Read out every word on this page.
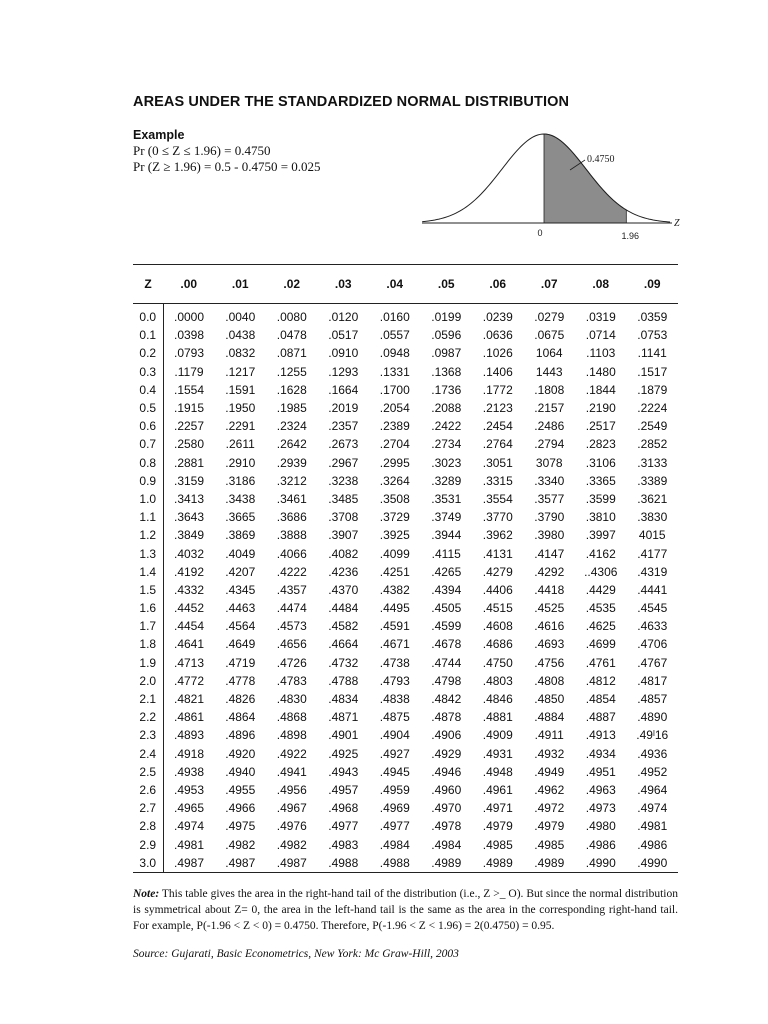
AREAS UNDER THE STANDARDIZED NORMAL DISTRIBUTION
Example
Pr (0 ≤ Z ≤ 1.96) = 0.4750
Pr (Z ≥ 1.96) = 0.5 - 0.4750 = 0.025	0.4750
Z
0	1.96
Z	.00	.01	.02	.03	.04	.05	.06	.07	.08	.09
0.0	.0000	.0040	.0080	.0120	.0160	.0199	.0239	.0279	.0319	.0359
0.1	.0398	.0438	.0478	.0517	.0557	.0596	.0636	.0675	.0714	.0753
0.2	.0793	.0832	.0871	.0910	.0948	.0987	.1026	1064	.1103	.1141
0.3	.1179	.1217	.1255	.1293	.1331	.1368	.1406	1443	.1480	.1517
0.4	.1554	.1591	.1628	.1664	.1700	.1736	.1772	.1808	.1844	.1879
0.5	.1915	.1950	.1985	.2019	.2054	.2088	.2123	.2157	.2190	.2224
0.6	.2257	.2291	.2324	.2357	.2389	.2422	.2454	.2486	.2517	.2549
0.7	.2580	.2611	.2642	.2673	.2704	.2734	.2764	.2794	.2823	.2852
0.8	.2881	.2910	.2939	.2967	.2995	.3023	.3051	3078	.3106	.3133
0.9	.3159	.3186	.3212	.3238	.3264	.3289	.3315	.3340	.3365	.3389
1.0	.3413	.3438	.3461	.3485	.3508	.3531	.3554	.3577	.3599	.3621
1.1	.3643	.3665	.3686	.3708	.3729	.3749	.3770	.3790	.3810	.3830
1.2	.3849	.3869	.3888	.3907	.3925	.3944	.3962	.3980	.3997	4015
1.3	.4032	.4049	.4066	.4082	.4099	.4115	.4131	.4147	.4162	.4177
1.4	.4192	.4207	.4222	.4236	.4251	.4265	.4279	.4292	..4306	.4319
1.5	.4332	.4345	.4357	.4370	.4382	.4394	.4406	.4418	.4429	.4441
1.6	.4452	.4463	.4474	.4484	.4495	.4505	.4515	.4525	.4535	.4545
1.7	.4454	.4564	.4573	.4582	.4591	.4599	.4608	.4616	.4625	.4633
1.8	.4641	.4649	.4656	.4664	.4671	.4678	.4686	.4693	.4699	.4706
1.9	.4713	.4719	.4726	.4732	.4738	.4744	.4750	.4756	.4761	.4767
2.0	.4772	.4778	.4783	.4788	.4793	.4798	.4803	.4808	.4812	.4817
2.1	.4821	.4826	.4830	.4834	.4838	.4842	.4846	.4850	.4854	.4857
2.2	.4861	.4864	.4868	.4871	.4875	.4878	.4881	.4884	.4887	.4890
2.3	.4893	.4896	.4898	.4901	.4904	.4906	.4909	.4911	.4913	.49ˡ16
2.4	.4918	.4920	.4922	.4925	.4927	.4929	.4931	.4932	.4934	.4936
2.5	.4938	.4940	.4941	.4943	.4945	.4946	.4948	.4949	.4951	.4952
2.6	.4953	.4955	.4956	.4957	.4959	.4960	.4961	.4962	.4963	.4964
2.7	.4965	.4966	.4967	.4968	.4969	.4970	.4971	.4972	.4973	.4974
2.8	.4974	.4975	.4976	.4977	.4977	.4978	.4979	.4979	.4980	.4981
2.9	.4981	.4982	.4982	.4983	.4984	.4984	.4985	.4985	.4986	.4986
3.0	.4987	.4987	.4987	.4988	.4988	.4989	.4989	.4989	.4990	.4990
Note: This table gives the area in the right-hand tail of the distribution (i.e., Z >_ O). But since the normal distribution is symmetrical about Z= 0, the area in the left-hand tail is the same as the area in the corresponding right-hand tail. For example, P(-1.96 < Z < 0) = 0.4750. Therefore, P(-1.96 < Z < 1.96) = 2(0.4750) = 0.95.
Source: Gujarati, Basic Econometrics, New York: Mc Graw-Hill, 2003
